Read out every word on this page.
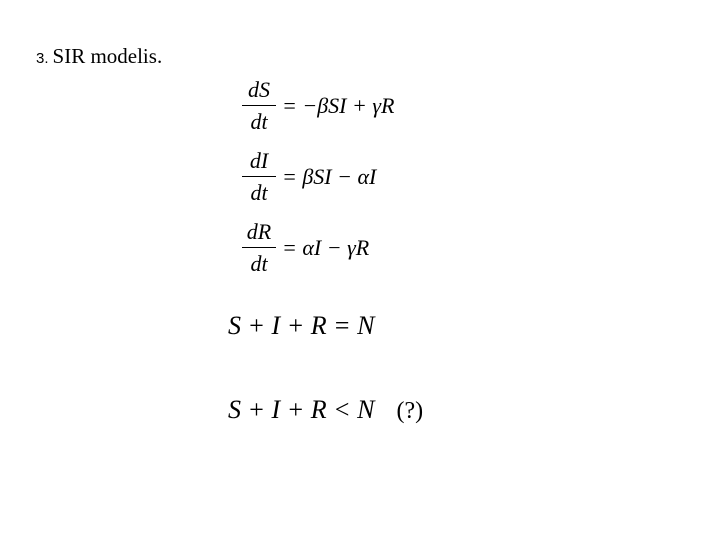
3. SIR modelis.
$\frac{dS}{dt} = -\beta SI + \gamma R$
$\frac{dI}{dt} = \beta SI - \alpha I$
$\frac{dR}{dt} = \alpha I - \gamma R$
S + I + R = N
S + I + R < N (?)
